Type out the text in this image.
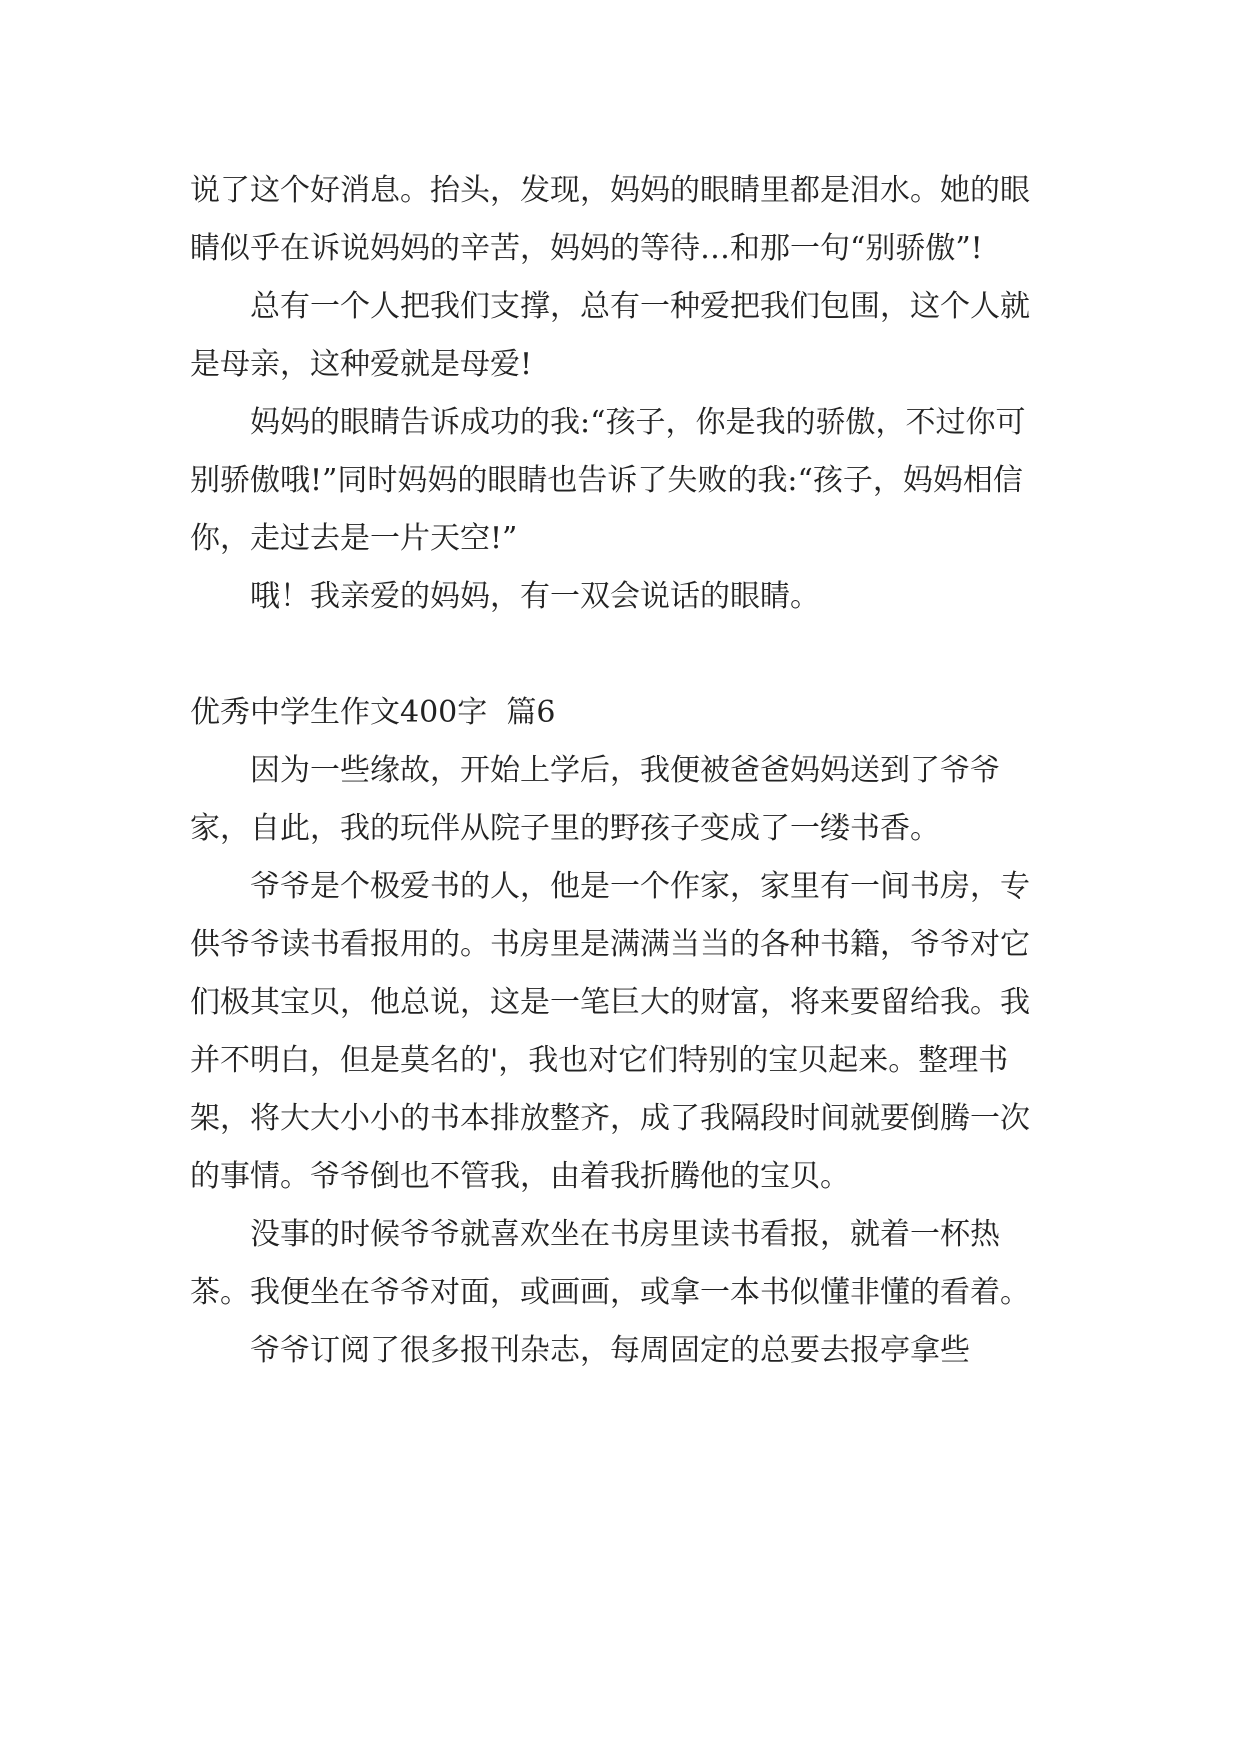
说了这个好消息。抬头，发现，妈妈的眼睛里都是泪水。她的眼睛似乎在诉说妈妈的辛苦，妈妈的等待…和那一句“别骄傲”!

总有一个人把我们支撑，总有一种爱把我们包围，这个人就是母亲，这种爱就是母爱!

妈妈的眼睛告诉成功的我:“孩子，你是我的骄傲，不过你可别骄傲哦!”同时妈妈的眼睛也告诉了失败的我:“孩子，妈妈相信你，走过去是一片天空!”

哦！我亲爱的妈妈，有一双会说话的眼睛。

优秀中学生作文400字  篇6

因为一些缘故，开始上学后，我便被爸爸妈妈送到了爷爷家，自此，我的玩伴从院子里的野孩子变成了一缕书香。

爷爷是个极爱书的人，他是一个作家，家里有一间书房，专供爷爷读书看报用的。书房里是满满当当的各种书籍，爷爷对它们极其宝贝，他总说，这是一笔巨大的财富，将来要留给我。我并不明白，但是莫名的'，我也对它们特别的宝贝起来。整理书架，将大大小小的书本排放整齐，成了我隔段时间就要倒腾一次的事情。爷爷倒也不管我，由着我折腾他的宝贝。

没事的时候爷爷就喜欢坐在书房里读书看报，就着一杯热茶。我便坐在爷爷对面，或画画，或拿一本书似懂非懂的看着。

爷爷订阅了很多报刊杂志，每周固定的总要去报亭拿些
